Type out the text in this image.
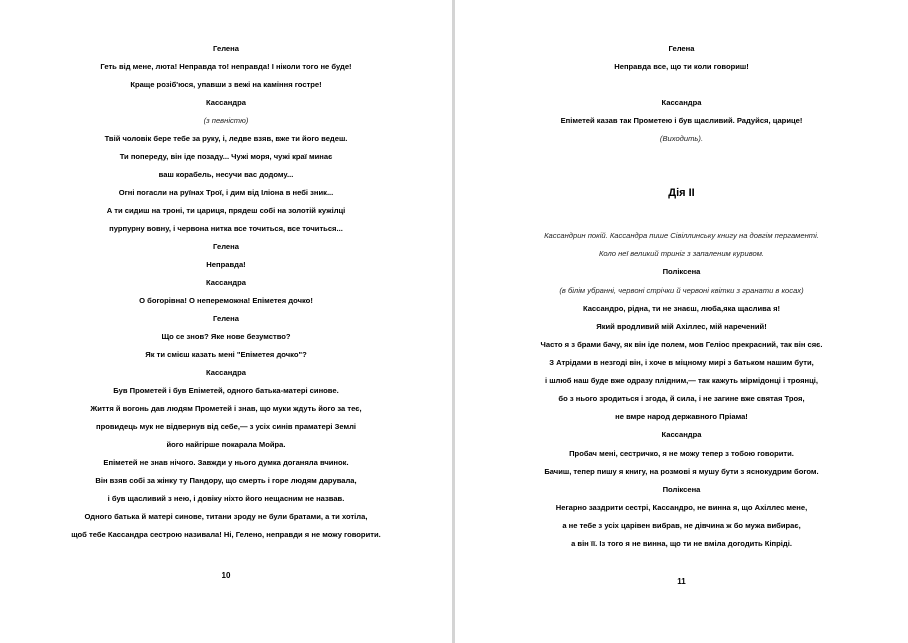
Гелена
Геть від мене, люта! Неправда то! неправда! І ніколи того не буде!
Краще розіб'юся, упавши з вежі на каміння гостре!
Кассандра
(з певністю)
Твій чоловік бере тебе за руку, і, ледве взяв, вже ти його ведеш.
Ти попереду, він іде позаду... Чужі моря, чужі краї минає
ваш корабель, несучи вас додому...
Огні погасли на руїнах Трої, і дим від Іліона в небі зник...
А ти сидиш на троні, ти цариця, прядеш собі на золотій кужілці
пурпурну вовну, і червона нитка все точиться, все точиться...
Гелена
Неправда!
Кассандра
О богорівна! О непереможна! Епіметея дочко!
Гелена
Що се знов? Яке нове безумство?
Як ти смієш казать мені "Епіметея дочко"?
Кассандра
Був Прометей і був Епіметей, одного батька-матері синове.
Життя й вогонь дав людям Прометей і знав, що муки ждуть його за теє,
провидець мук не відвернув від себе,— з усіх синів праматері Землі
його найгірше покарала Мойра.
Епіметей не знав нічого. Завжди у нього думка доганяла вчинок.
Він взяв собі за жінку ту Пандору, що смерть і горе людям дарувала,
і був щасливий з нею, і довіку ніхто його нещасним не назвав.
Одного батька й матері синове, титани зроду не були братами, а ти хотіла,
щоб тебе Кассандра сестрою називала! Ні, Гелено, неправди я не можу говорити.
10
Гелена
Неправда все, що ти коли говориш!
Кассандра
Епіметей казав так Прометею і був щасливий. Радуйся, царице!
(Виходить).
Дія II
Кассандрин покій. Кассандра пише Сівіллинську книгу на довгім пергаменті.
Коло неї великий триніг з запаленим куривом.
Поліксена
(в білім убранні, червоні стрічки й червоні квітки з гранати в косах)
Кассандро, рідна, ти не знаєш, люба,яка щаслива я!
Який вродливий мій Ахіллес, мій наречений!
Часто я з брами бачу, як він іде полем, мов Геліос прекрасний, так він сяє.
З Атрідами в незгоді він, і хоче в міцному мирі з батьком нашим бути,
і шлюб наш буде вже одразу плідним,— так кажуть мірмідонці і троянці,
бо з нього зродиться і згода, й сила, і не загине вже святая Троя,
не вмре народ державного Пріама!
Кассандра
Пробач мені, сестричко, я не можу тепер з тобою говорити.
Бачиш, тепер пишу я книгу, на розмові я мушу бути з яснокудрим богом.
Поліксена
Негарно заздрити сестрі, Кассандро, не винна я, що Ахіллес мене,
а не тебе з усіх царівен вибрав, не дівчина ж бо мужа вибирає,
а він її. Із того я не винна, що ти не вміла догодить Кіпріді.
11
